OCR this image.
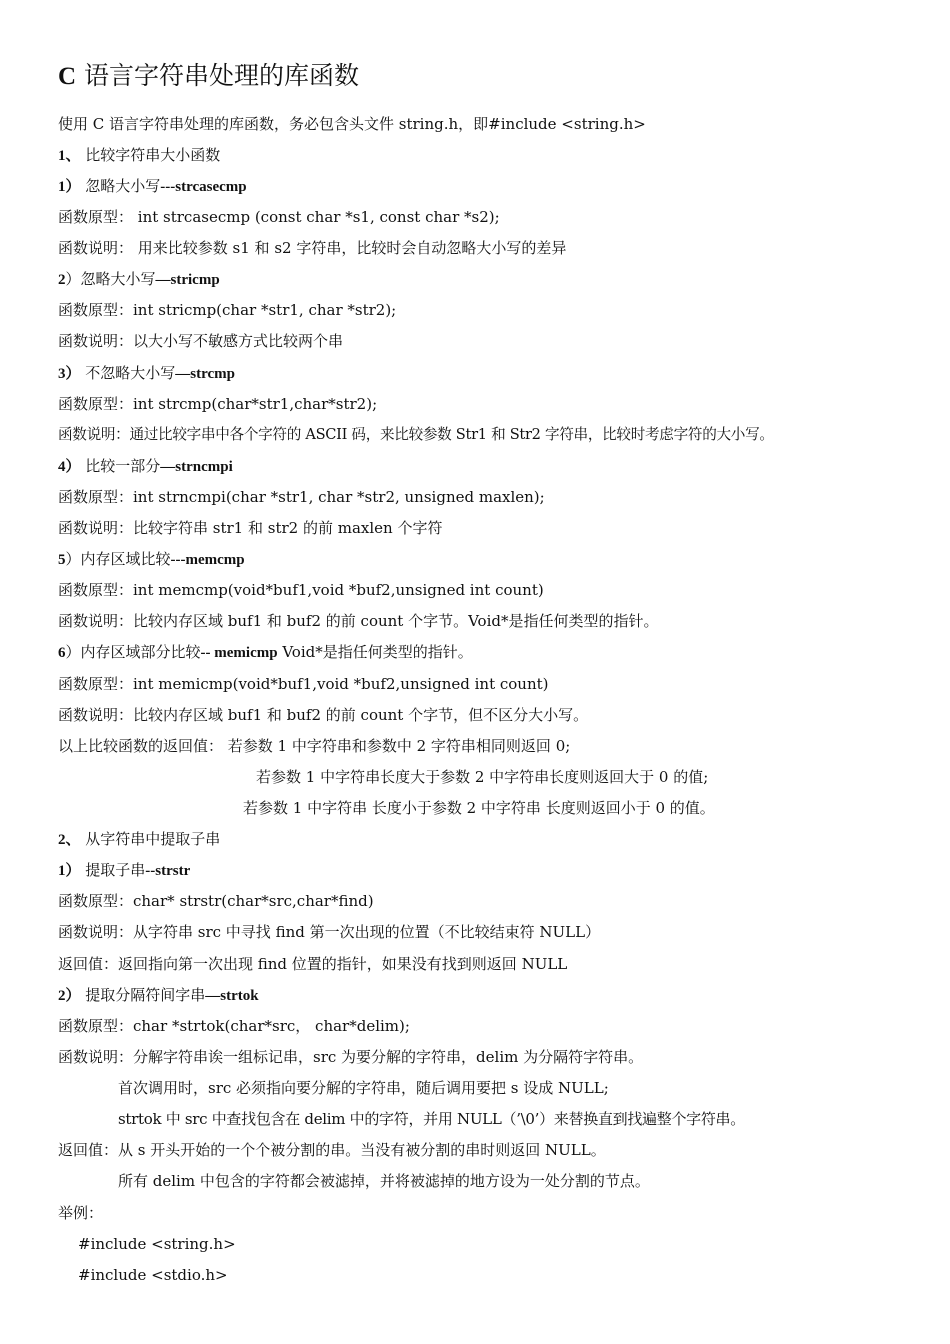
C 语言字符串处理的库函数
使用 C 语言字符串处理的库函数，务必包含头文件 string.h，即#include <string.h>
1、 比较字符串大小函数
1） 忽略大小写---strcasecmp
函数原型： int strcasecmp (const char *s1, const char *s2);
函数说明： 用来比较参数 s1 和 s2 字符串，比较时会自动忽略大小写的差异
2）忽略大小写—stricmp
函数原型：int stricmp(char *str1, char *str2);
函数说明：以大小写不敏感方式比较两个串
3） 不忽略大小写—strcmp
函数原型：int strcmp(char*str1,char*str2);
函数说明：通过比较字串中各个字符的 ASCII 码，来比较参数 Str1 和 Str2 字符串，比较时考虑字符的大小写。
4） 比较一部分—strncmpi
函数原型：int strncmpi(char *str1, char *str2, unsigned maxlen);
函数说明：比较字符串 str1 和 str2 的前 maxlen 个字符
5）内存区域比较---memcmp
函数原型：int memcmp(void*buf1,void *buf2,unsigned int count)
函数说明：比较内存区域 buf1 和 buf2 的前 count 个字节。Void*是指任何类型的指针。
6）内存区域部分比较-- memicmp Void*是指任何类型的指针。
函数原型：int memicmp(void*buf1,void *buf2,unsigned int count)
函数说明：比较内存区域 buf1 和 buf2 的前 count 个字节，但不区分大小写。
以上比较函数的返回值： 若参数 1 中字符串和参数中 2 字符串相同则返回 0;
若参数 1 中字符串长度大于参数 2 中字符串长度则返回大于 0 的值;
若参数 1 中字符串 长度小于参数 2 中字符串 长度则返回小于 0 的值。
2、 从字符串中提取子串
1） 提取子串--strstr
函数原型：char* strstr(char*src,char*find)
函数说明：从字符串 src 中寻找 find 第一次出现的位置（不比较结束符 NULL）
返回值：返回指向第一次出现 find 位置的指针，如果没有找到则返回 NULL
2） 提取分隔符间字串—strtok
函数原型：char *strtok(char*src， char*delim);
函数说明：分解字符串诶一组标记串，src 为要分解的字符串，delim 为分隔符字符串。
首次调用时，src 必须指向要分解的字符串，随后调用要把 s 设成 NULL;
strtok 中 src 中查找包含在 delim 中的字符，并用 NULL（’\0’）来替换直到找遍整个字符串。
返回值：从 s 开头开始的一个个被分割的串。当没有被分割的串时则返回 NULL。
所有 delim 中包含的字符都会被滤掉，并将被滤掉的地方设为一处分割的节点。
举例：
#include <string.h>
#include <stdio.h>
